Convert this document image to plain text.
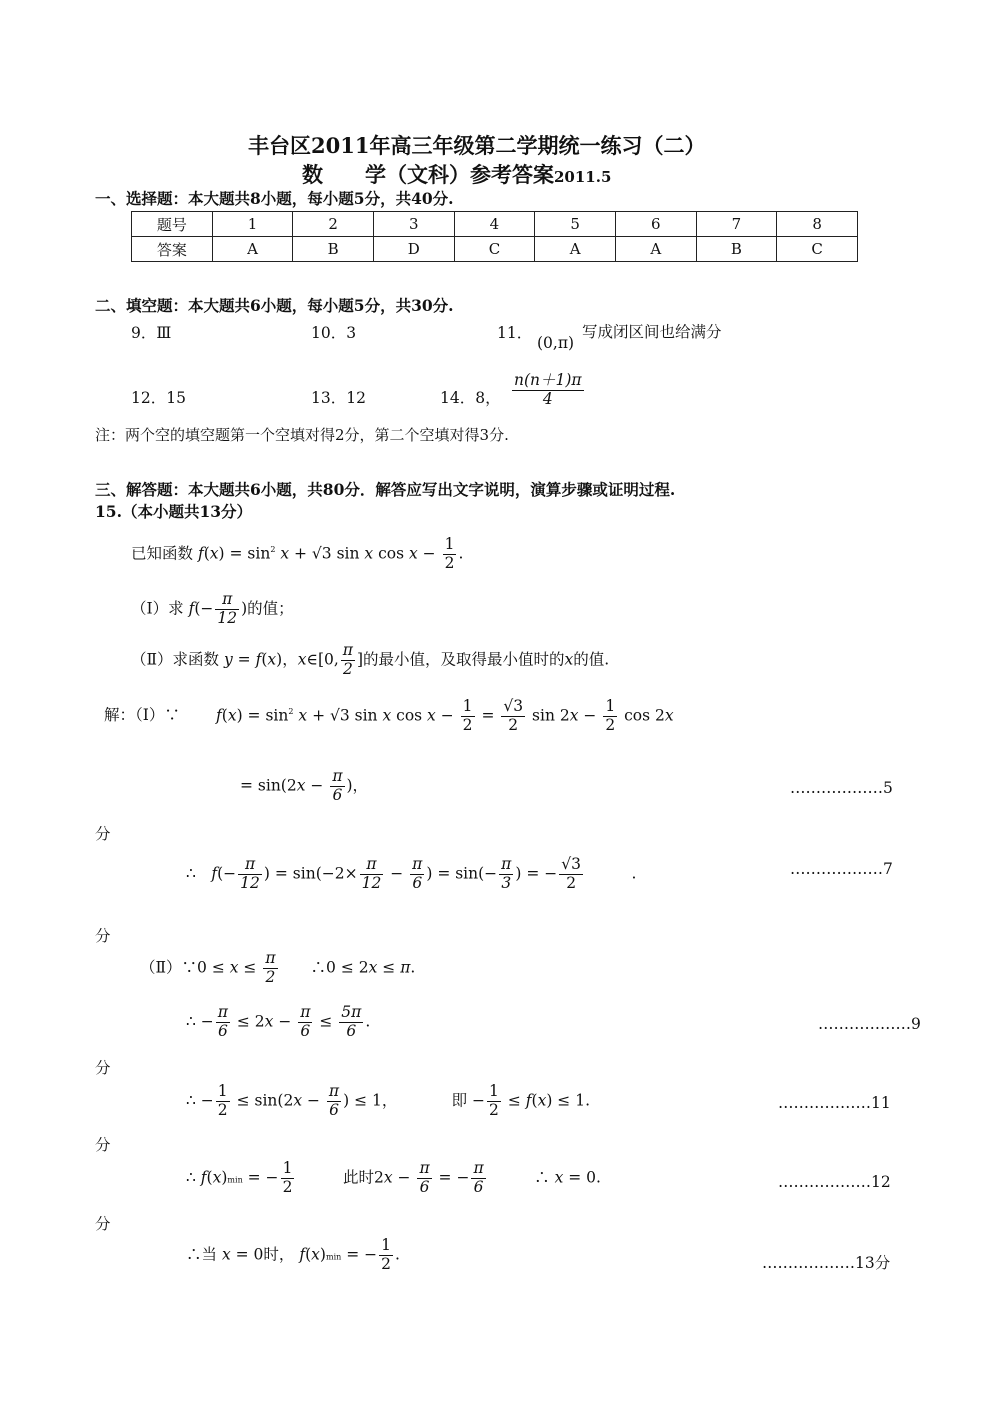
丰台区2011年高三年级第二学期统一练习（二）
数　　学（文科）参考答案2011.5
一、选择题：本大题共8小题，每小题5分，共40分.
题号	1	2	3	4	5	6	7	8
答案	A	B	D	C	A	A	B	C
二、填空题：本大题共6小题，每小题5分，共30分.
9．Ⅲ	10．3	11．
(0,π)
写成闭区间也给满分
12．15	13．12	14．8， $\frac{n(n+1)\pi}{4}$
注：两个空的填空题第一个空填对得2分，第二个空填对得3分.
三、解答题：本大题共6小题，共80分．解答应写出文字说明，演算步骤或证明过程.
15.（本小题共13分）
已知函数 $f(x) = \sin^2 x + √3$ sin x $\cos x - \frac{1}{2}$ .
（Ⅰ）求 $f(- \frac{\pi}{12}$ )的值；
（Ⅱ）求函数 y = f(x)，x∈[0, $\frac{\pi}{2}$ ]的最小值，及取得最小值时的x的值.
解：（Ⅰ）∵ $f(x) = \sin^2 x + √3$ sin x $\cos x - \frac{1}{2} = \frac{√3}{2}$ $\sin 2x - \frac{1}{2}$ cos 2x
= $\sin(2x - \frac{\pi}{6}$ )，	………………5
分
∴　$f(- \frac{\pi}{12}$ ) = $\sin(-2\times \frac{\pi}{12} - \frac{\pi}{6}$ ) = $\sin(- \frac{\pi}{3}$ ) = − $\frac{√3}{2}$ 　　　.	………………7
分
（Ⅱ）∵0 ≤ $x \le \frac{\pi}{2}$ 　　∴0 ≤ 2x ≤ π.
∴ − $\frac{\pi}{6} \le 2x - \frac{\pi}{6} \le \frac{5\pi}{6}$ .	………………9
分
∴ − $\frac{1}{2} \le \sin(2x - \frac{\pi}{6}$ ) ≤ 1，　　　　即 − $\frac{1}{2} \le f(x) \le 1$.	………………11
分
∴ f(x)min = − $\frac{1}{2}$
　　　	此时$2x - \frac{\pi}{6}$ = − $\frac{\pi}{6}$ 　　　∴ x = 0.	………………12
分
∴当 x = 0时， f(x)min = − $\frac{1}{2}$ .	………………13分
